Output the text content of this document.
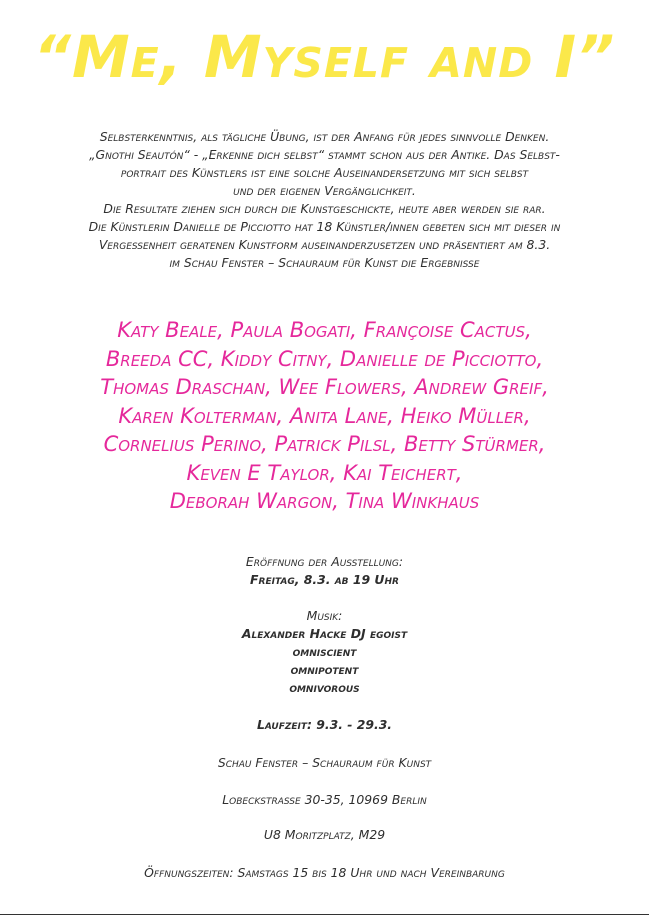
“Me, Myself and I”
Selbsterkenntnis, als tägliche Übung, ist der Anfang für jedes sinnvolle Denken.
„Gnothi Seautón“ - „Erkenne dich selbst“ stammt schon aus der Antike. Das Selbst-
portrait des Künstlers ist eine solche Auseinandersetzung mit sich selbst
und der eigenen Vergänglichkeit.
Die Resultate ziehen sich durch die Kunstgeschickte, heute aber werden sie rar.
Die Künstlerin Danielle de Picciotto hat 18 Künstler/innen gebeten sich mit dieser in
Vergessenheit geratenen Kunstform auseinanderzusetzen und präsentiert am 8.3.
im Schau Fenster – Schauraum für Kunst die Ergebnisse
Katy Beale, Paula Bogati, Françoise Cactus,
Breeda CC, Kiddy Citny, Danielle de Picciotto,
Thomas Draschan, Wee Flowers, Andrew Greif,
Karen Kolterman, Anita Lane, Heiko Müller,
Cornelius Perino, Patrick Pilsl, Betty Stürmer,
Keven E Taylor, Kai Teichert,
Deborah Wargon, Tina Winkhaus
Eröffnung der Ausstellung:
Freitag, 8.3. ab 19 Uhr
Musik:
Alexander Hacke DJ egoist
omniscient
omnipotent
omnivorous
Laufzeit: 9.3. - 29.3.
Schau Fenster – Schauraum für Kunst
Lobeckstrasse 30-35, 10969 Berlin
U8 Moritzplatz, M29
Öffnungszeiten: Samstags 15 bis 18 Uhr und nach Vereinbarung
